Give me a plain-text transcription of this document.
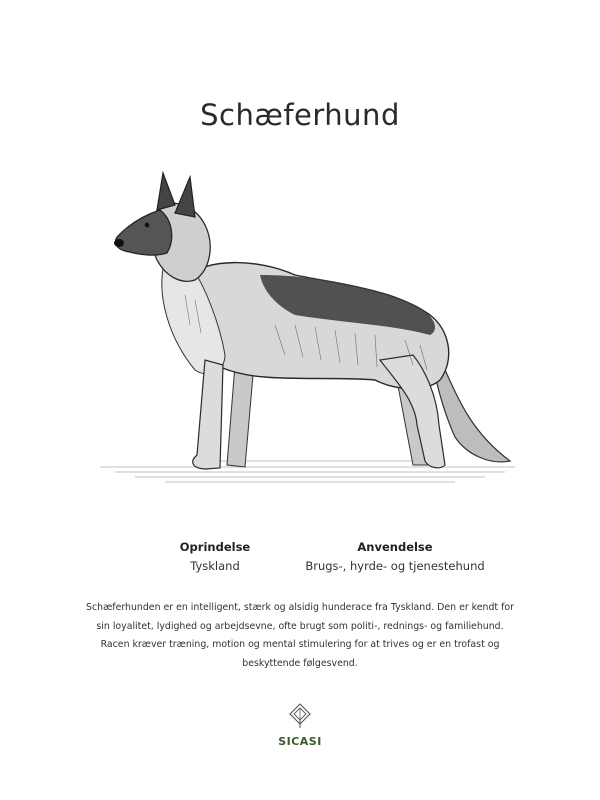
Schæferhund
Oprindelse
Tyskland
Anvendelse
Brugs-, hyrde- og tjenestehund
Schæferhunden er en intelligent, stærk og alsidig hunderace fra Tyskland. Den er kendt for sin loyalitet, lydighed og arbejdsevne, ofte brugt som politi-, rednings- og familiehund. Racen kræver træning, motion og mental stimulering for at trives og er en trofast og beskyttende følgesvend.
SICASI
